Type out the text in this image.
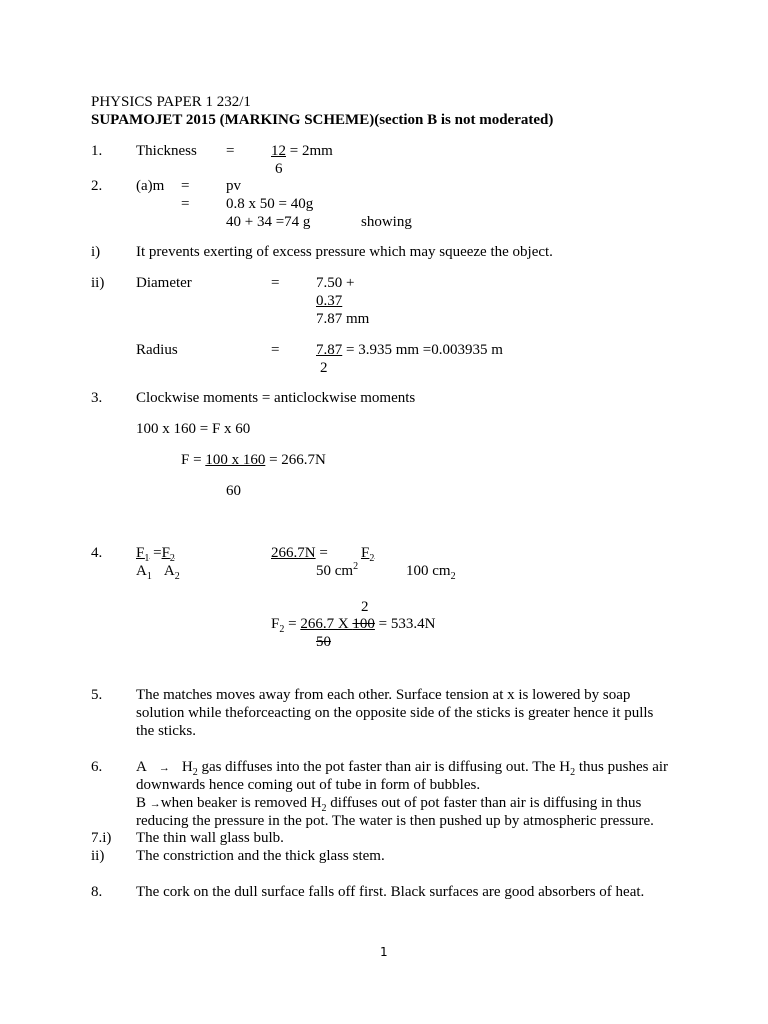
PHYSICS PAPER 1 232/1
SUPAMOJET 2015 (MARKING SCHEME)(section B is not moderated)
1. Thickness = 12 = 2mm
6
2. (a)m = pv
= 0.8 x 50 = 40g
40 + 34 =74 g	showing
i) It prevents exerting of excess pressure which may squeeze the object.
ii) Diameter	= 7.50 +
0.37
7.87 mm
Radius	= 7.87 = 3.935 mm =0.003935 m
2
3. Clockwise moments = anticlockwise moments
100 x 160 = F x 60
F = 100 x 160 = 266.7N
60
4. $F_1 =F_2$
$A_1$ $A_2$
$266.7N = F_2$
50 $cm^2$	100 $cm_2$
2
$F_2 = 266.7$ X 100 = 533.4N
50
5. The matches moves away from each other. Surface tension at x is lowered by soap
solution while theforceacting on the opposite side of the sticks is greater hence it pulls
the sticks.
6. $A \to H_2$ gas diffuses into the pot faster than air is diffusing out. The $H_2$ thus pushes air
downwards hence coming out of tube in form of bubbles.
B →when beaker is removed $H_2$ diffuses out of pot faster than air is diffusing in thus
reducing the pressure in the pot. The water is then pushed up by atmospheric pressure.
7.i) The thin wall glass bulb.
ii) The constriction and the thick glass stem.
8. The cork on the dull surface falls off first. Black surfaces are good absorbers of heat.
1
